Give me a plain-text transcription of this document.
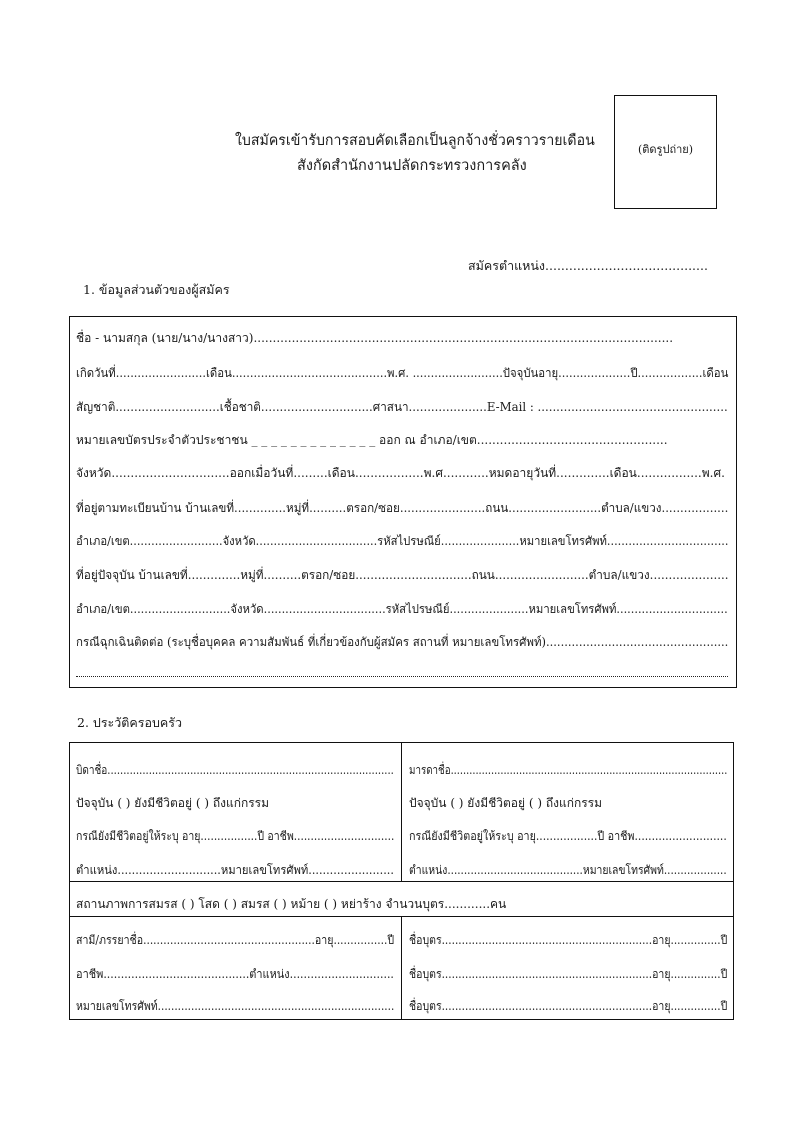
ใบสมัครเข้ารับการสอบคัดเลือกเป็นลูกจ้างชั่วคราวรายเดือน
สังกัดสำนักงานปลัดกระทรวงการคลัง
(ติดรูปถ่าย)
สมัครตำแหน่ง.........................................
1. ข้อมูลส่วนตัวของผู้สมัคร
ชื่อ - นามสกุล (นาย/นาง/นางสาว)..............................................................................................................
เกิดวันที่.........................เดือน...........................................พ.ศ. .........................ปัจจุบันอายุ....................ปี..................เดือน
สัญชาติ............................เชื้อชาติ..............................ศาสนา.....................E-Mail : ...................................................
หมายเลขบัตรประจำตัวประชาชน _ _ _ _ _ _ _ _ _ _ _ _ _ ออก ณ อำเภอ/เขต..................................................
จังหวัด...............................ออกเมื่อวันที่.........เดือน..................พ.ศ............หมดอายุวันที่..............เดือน.................พ.ศ.
ที่อยู่ตามทะเบียนบ้าน บ้านเลขที่..............หมู่ที่..........ตรอก/ซอย.......................ถนน.........................ตำบล/แขวง..................
อำเภอ/เขต..........................จังหวัด..................................รหัสไปรษณีย์......................หมายเลขโทรศัพท์..................................
ที่อยู่ปัจจุบัน บ้านเลขที่..............หมู่ที่..........ตรอก/ซอย...............................ถนน.........................ตำบล/แขวง.....................
อำเภอ/เขต............................จังหวัด..................................รหัสไปรษณีย์......................หมายเลขโทรศัพท์...............................
กรณีฉุกเฉินติดต่อ (ระบุชื่อบุคคล ความสัมพันธ์ ที่เกี่ยวข้องกับผู้สมัคร สถานที่ หมายเลขโทรศัพท์)..................................................
2. ประวัติครอบครัว
บิดาชื่อ..........................................................................................
ปัจจุบัน ( ) ยังมีชีวิตอยู่ ( ) ถึงแก่กรรม
กรณียังมีชีวิตอยู่ให้ระบุ อายุ.................ปี อาชีพ..............................
ตำแหน่ง.............................หมายเลขโทรศัพท์........................
มารดาชื่อ.........................................................................................
ปัจจุบัน ( ) ยังมีชีวิตอยู่ ( ) ถึงแก่กรรม
กรณียังมีชีวิตอยู่ให้ระบุ อายุ..................ปี อาชีพ...........................
ตำแหน่ง.........................................หมายเลขโทรศัพท์...................
สถานภาพการสมรส ( ) โสด ( ) สมรส ( ) หม้าย ( ) หย่าร้าง จำนวนบุตร............คน
สามี/ภรรยาชื่อ...................................................อายุ................ปี
อาชีพ..........................................ตำแหน่ง..............................
หมายเลขโทรศัพท์.......................................................................
ชื่อบุตร...............................................................อายุ...............ปี
ชื่อบุตร...............................................................อายุ...............ปี
ชื่อบุตร...............................................................อายุ...............ปี
